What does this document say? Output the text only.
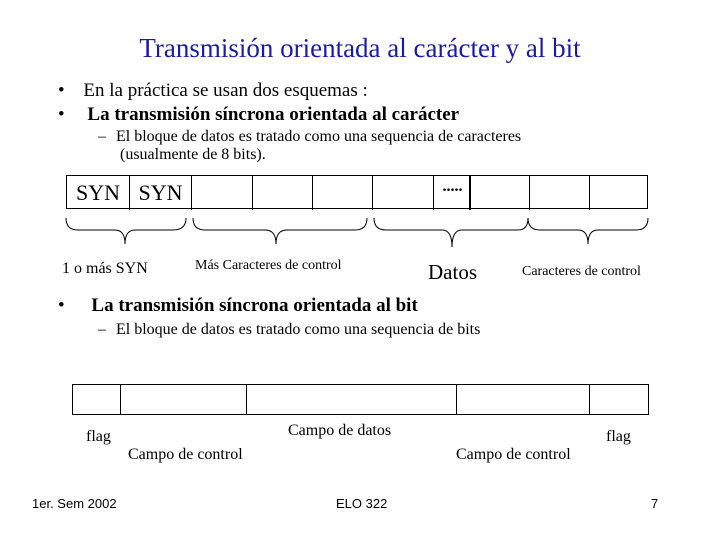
Transmisión orientada al carácter y al bit
• En la práctica se usan dos esquemas :
• La transmisión síncrona orientada al carácter
– El bloque de datos es tratado como una sequencia de caracteres
(usualmente de 8 bits).
SYN SYN	.....
1 o más SYN	Más Caracteres de control	Datos	Caracteres de control
• La transmisión síncrona orientada al bit
– El bloque de datos es tratado como una sequencia de bits
flag
Campo de control
Campo de datos
Campo de control
flag
1er. Sem 2002	ELO 322	7
